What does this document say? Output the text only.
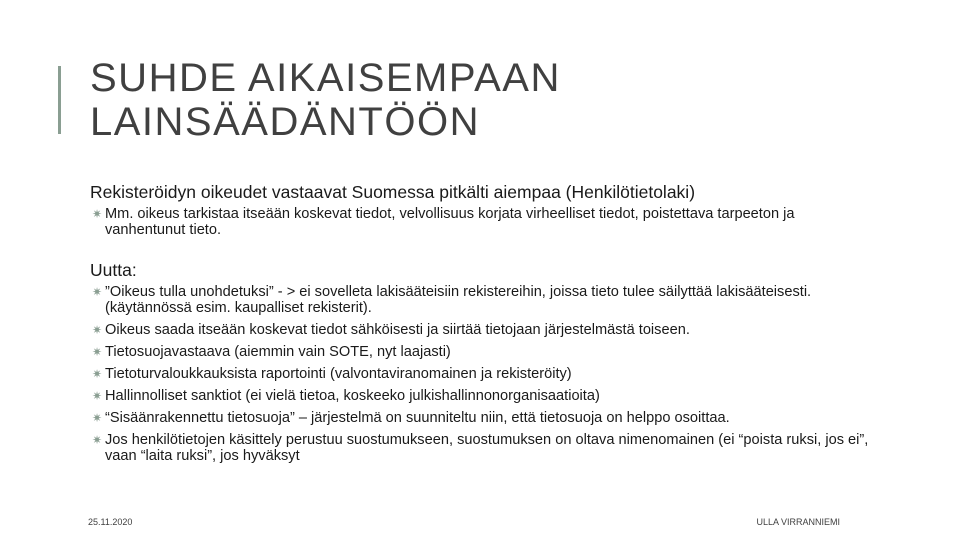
SUHDE AIKAISEMPAAN
LAINSÄÄDÄNTÖÖN

Rekisteröidyn oikeudet vastaavat Suomessa pitkälti aiempaa (Henkilötietolaki)

✷ Mm. oikeus tarkistaa itseään koskevat tiedot, velvollisuus korjata virheelliset tiedot, poistettava tarpeeton ja vanhentunut tieto.

Uutta:

✷ ”Oikeus tulla unohdetuksi” - > ei sovelleta lakisääteisiin rekistereihin, joissa tieto tulee säilyttää lakisääteisesti. (käytännössä esim. kaupalliset rekisterit).
✷ Oikeus saada itseään koskevat tiedot sähköisesti ja siirtää tietojaan järjestelmästä toiseen.
✷ Tietosuojavastaava (aiemmin vain SOTE, nyt laajasti)
✷ Tietoturvaloukkauksista raportointi (valvontaviranomainen ja rekisteröity)
✷ Hallinnolliset sanktiot (ei vielä tietoa, koskeeko julkishallinnonorganisaatioita)
✷ “Sisäänrakennettu tietosuoja” – järjestelmä on suunniteltu niin, että tietosuoja on helppo osoittaa.
✷ Jos henkilötietojen käsittely perustuu suostumukseen, suostumuksen on oltava nimenomainen (ei “poista ruksi, jos ei”, vaan “laita ruksi”, jos hyväksyt
25.11.2020	ULLA VIRRANNIEMI
